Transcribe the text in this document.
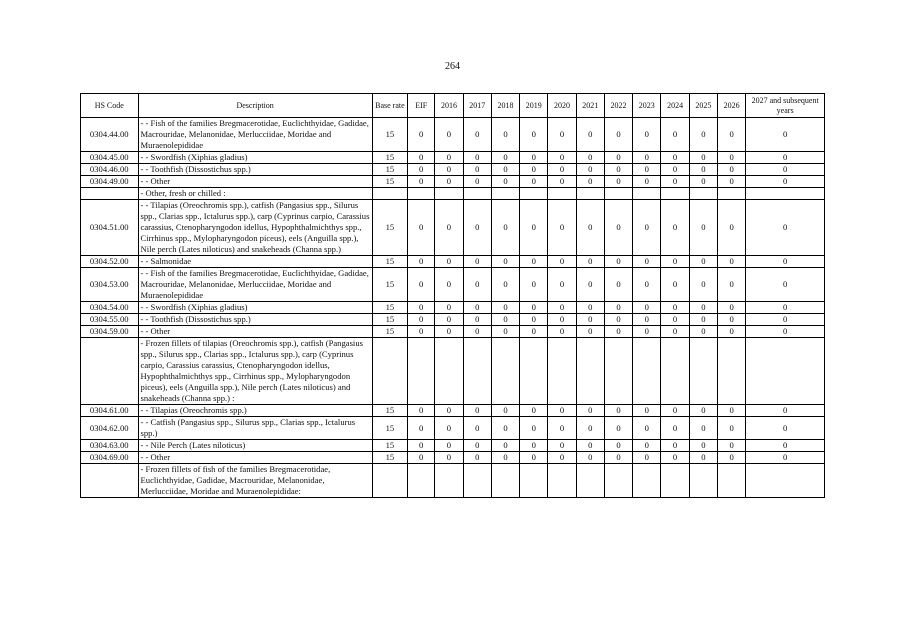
264
HS Code	Description	Base rate	EIF	2016	2017	2018	2019	2020	2021	2022	2023	2024	2025	2026	2027 and subsequent years
0304.44.00	- - Fish of the families Bregmacerotidae, Euclichthyidae, Gadidae, Macrouridae, Melanonidae, Merlucciidae, Moridae and Muraenolepididae	15	0	0	0	0	0	0	0	0	0	0	0	0	0
0304.45.00	- - Swordfish (Xiphias gladius)	15	0	0	0	0	0	0	0	0	0	0	0	0	0
0304.46.00	- - Toothfish (Dissostichus spp.)	15	0	0	0	0	0	0	0	0	0	0	0	0	0
0304.49.00	- - Other	15	0	0	0	0	0	0	0	0	0	0	0	0	0
	- Other, fresh or chilled :														
0304.51.00	- - Tilapias (Oreochromis spp.), catfish (Pangasius spp., Silurus spp., Clarias spp., Ictalurus spp.), carp (Cyprinus carpio, Carassius carassius, Ctenopharyngodon idellus, Hypophthalmichthys spp., Cirrhinus spp., Mylopharyngodon piceus), eels (Anguilla spp.), Nile perch (Lates niloticus) and snakeheads (Channa spp.)	15	0	0	0	0	0	0	0	0	0	0	0	0	0
0304.52.00	- - Salmonidae	15	0	0	0	0	0	0	0	0	0	0	0	0	0
0304.53.00	- - Fish of the families Bregmacerotidae, Euclichthyidae, Gadidae, Macrouridae, Melanonidae, Merlucciidae, Moridae and Muraenolepididae	15	0	0	0	0	0	0	0	0	0	0	0	0	0
0304.54.00	- - Swordfish (Xiphias gladius)	15	0	0	0	0	0	0	0	0	0	0	0	0	0
0304.55.00	- - Toothfish (Dissostichus spp.)	15	0	0	0	0	0	0	0	0	0	0	0	0	0
0304.59.00	- - Other	15	0	0	0	0	0	0	0	0	0	0	0	0	0
	- Frozen fillets of tilapias (Oreochromis spp.), catfish (Pangasius spp., Silurus spp., Clarias spp., Ictalurus spp.), carp (Cyprinus carpio, Carassius carassius, Ctenopharyngodon idellus, Hypophthalmichthys spp., Cirrhinus spp., Mylopharyngodon piceus), eels (Anguilla spp.), Nile perch (Lates niloticus) and snakeheads (Channa spp.) :														
0304.61.00	- - Tilapias (Oreochromis spp.)	15	0	0	0	0	0	0	0	0	0	0	0	0	0
0304.62.00	- - Catfish (Pangasius spp., Silurus spp., Clarias spp., Ictalurus spp.)	15	0	0	0	0	0	0	0	0	0	0	0	0	0
0304.63.00	- - Nile Perch (Lates niloticus)	15	0	0	0	0	0	0	0	0	0	0	0	0	0
0304.69.00	- - Other	15	0	0	0	0	0	0	0	0	0	0	0	0	0
	- Frozen fillets of fish of the families Bregmacerotidae, Euclichthyidae, Gadidae, Macrouridae, Melanonidae, Merlucciidae, Moridae and Muraenolepididae:														
